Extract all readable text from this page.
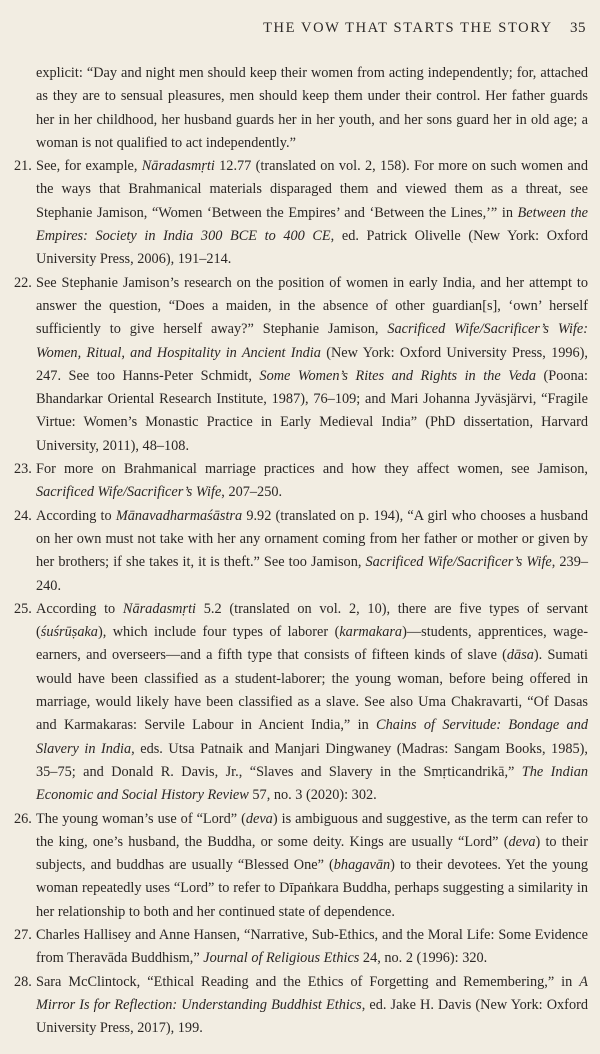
THE VOW THAT STARTS THE STORY 35

explicit: “Day and night men should keep their women from acting independently; for, attached as they are to sensual pleasures, men should keep them under their control. Her father guards her in her childhood, her husband guards her in her youth, and her sons guard her in old age; a woman is not qualified to act independently.”

21. See, for example, Nāradasmṛti 12.77 (translated on vol. 2, 158). For more on such women and the ways that Brahmanical materials disparaged them and viewed them as a threat, see Stephanie Jamison, “Women ‘Between the Empires’ and ‘Between the Lines,’” in Between the Empires: Society in India 300 BCE to 400 CE, ed. Patrick Olivelle (New York: Oxford University Press, 2006), 191–214.

22. See Stephanie Jamison’s research on the position of women in early India, and her attempt to answer the question, “Does a maiden, in the absence of other guardian[s], ‘own’ herself sufficiently to give herself away?” Stephanie Jamison, Sacrificed Wife/Sacrificer’s Wife: Women, Ritual, and Hospitality in Ancient India (New York: Oxford University Press, 1996), 247. See too Hanns-Peter Schmidt, Some Women’s Rites and Rights in the Veda (Poona: Bhandarkar Oriental Research Institute, 1987), 76–109; and Mari Johanna Jyväsjärvi, “Fragile Virtue: Women’s Monastic Practice in Early Medieval India” (PhD dissertation, Harvard University, 2011), 48–108.

23. For more on Brahmanical marriage practices and how they affect women, see Jamison, Sacrificed Wife/Sacrificer’s Wife, 207–250.

24. According to Mānavadharmaśāstra 9.92 (translated on p. 194), “A girl who chooses a husband on her own must not take with her any ornament coming from her father or mother or given by her brothers; if she takes it, it is theft.” See too Jamison, Sacrificed Wife/Sacrificer’s Wife, 239–240.

25. According to Nāradasmṛti 5.2 (translated on vol. 2, 10), there are five types of servant (śuśrūṣaka), which include four types of laborer (karmakara)—students, apprentices, wage-earners, and overseers—and a fifth type that consists of fifteen kinds of slave (dāsa). Sumati would have been classified as a student-laborer; the young woman, before being offered in marriage, would likely have been classified as a slave. See also Uma Chakravarti, “Of Dasas and Karmakaras: Servile Labour in Ancient India,” in Chains of Servitude: Bondage and Slavery in India, eds. Utsa Patnaik and Manjari Dingwaney (Madras: Sangam Books, 1985), 35–75; and Donald R. Davis, Jr., “Slaves and Slavery in the Smṛticandrikā,” The Indian Economic and Social History Review 57, no. 3 (2020): 302.

26. The young woman’s use of “Lord” (deva) is ambiguous and suggestive, as the term can refer to the king, one’s husband, the Buddha, or some deity. Kings are usually “Lord” (deva) to their subjects, and buddhas are usually “Blessed One” (bhagavān) to their devotees. Yet the young woman repeatedly uses “Lord” to refer to Dīpaṅkara Buddha, perhaps suggesting a similarity in her relationship to both and her continued state of dependence.

27. Charles Hallisey and Anne Hansen, “Narrative, Sub-Ethics, and the Moral Life: Some Evidence from Theravāda Buddhism,” Journal of Religious Ethics 24, no. 2 (1996): 320.

28. Sara McClintock, “Ethical Reading and the Ethics of Forgetting and Remembering,” in A Mirror Is for Reflection: Understanding Buddhist Ethics, ed. Jake H. Davis (New York: Oxford University Press, 2017), 199.
